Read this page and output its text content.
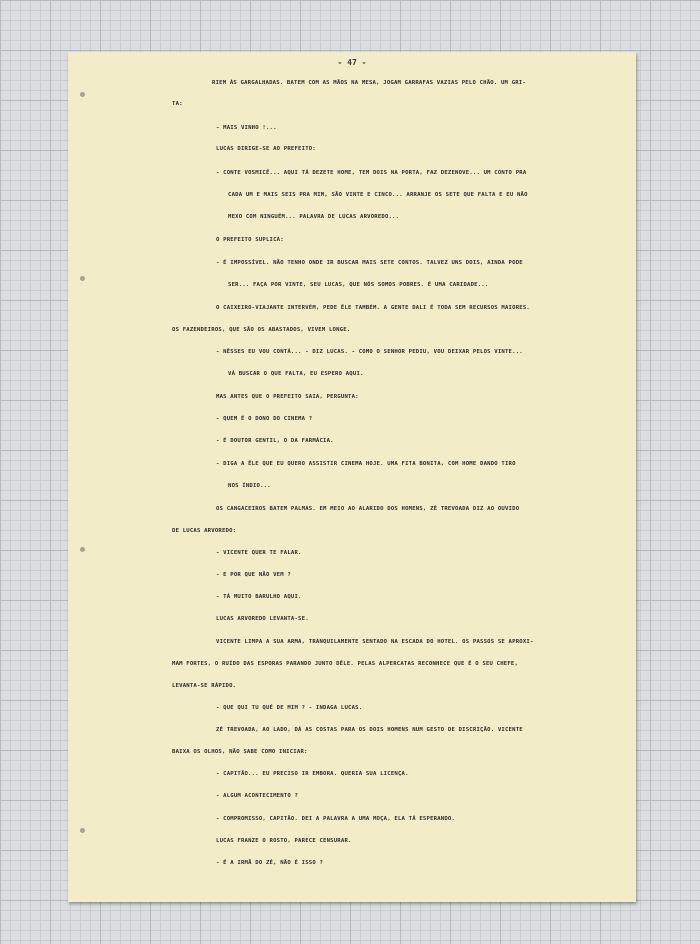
- 47 -
RIEM ÀS GARGALHADAS. BATEM COM AS MÃOS NA MESA, JOGAM GARRAFAS VAZIAS PELO CHÃO. UM GRI-
TA:
- MAIS VINHO !...
LUCAS DIRIGE-SE AO PREFEITO:
- CONTE VOSMICÊ... AQUI TÁ DEZETE HOME, TEM DOIS NA PORTA, FAZ DEZENOVE... UM CONTO PRA
CADA UM E MAIS SEIS PRA MIM, SÃO VINTE E CINCO... ARRANJE OS SETE QUE FALTA E EU NÃO
MEXO COM NINGUÉM... PALAVRA DE LUCAS ARVOREDO...
O PREFEITO SUPLICA:
- É IMPOSSÍVEL. NÃO TENHO ONDE IR BUSCAR MAIS SETE CONTOS. TALVEZ UNS DOIS, AINDA PODE
SER... FAÇA POR VINTE, SEU LUCAS, QUE NÓS SOMOS POBRES. É UMA CARIDADE...
O CAIXEIRO-VIAJANTE INTERVÉM, PEDE ÊLE TAMBÉM. A GENTE DALI É TODA SEM RECURSOS MAIORES.
OS FAZENDEIROS, QUE SÃO OS ABASTADOS, VIVEM LONGE.
- NÊSSES EU VOU CONTÁ... - DIZ LUCAS. - COMO O SENHOR PEDIU, VOU DEIXAR PELOS VINTE...
VÁ BUSCAR O QUE FALTA, EU ESPERO AQUI.
MAS ANTES QUE O PREFEITO SAIA, PERGUNTA:
- QUEM É O DONO DO CINEMA ?
- É DOUTOR GENTIL, O DA FARMÁCIA.
- DIGA A ÊLE QUE EU QUERO ASSISTIR CINEMA HOJE. UMA FITA BONITA, COM HOME DANDO TIRO
NOS ÍNDIO...
OS CANGACEIROS BATEM PALMAS. EM MEIO AO ALARIDO DOS HOMENS, ZÉ TREVOADA DIZ AO OUVIDO
DE LUCAS ARVOREDO:
- VICENTE QUER TE FALAR.
- E POR QUE NÃO VEM ?
- TÁ MUITO BARULHO AQUI.
LUCAS ARVOREDO LEVANTA-SE.
VICENTE LIMPA A SUA ARMA, TRANQUILAMENTE SENTADO NA ESCADA DO HOTEL. OS PASSOS SE APROXI-
MAM FORTES, O RUÍDO DAS ESPORAS PARANDO JUNTO DÊLE. PELAS ALPERCATAS RECONHECE QUE É O SEU CHEFE,
LEVANTA-SE RÁPIDO.
- QUE QUI TU QUÉ DE MIM ? - INDAGA LUCAS.
ZÉ TREVOADA, AO LADO, DÁ AS COSTAS PARA OS DOIS HOMENS NUM GESTO DE DISCRIÇÃO. VICENTE
BAIXA OS OLHOS, NÃO SABE COMO INICIAR:
- CAPITÃO... EU PRECISO IR EMBORA. QUERIA SUA LICENÇA.
- ALGUM ACONTECIMENTO ?
- COMPROMISSO, CAPITÃO. DEI A PALAVRA A UMA MOÇA, ELA TÁ ESPERANDO.
LUCAS FRANZE O ROSTO, PARECE CENSURAR.
- É A IRMÃ DO ZÉ, NÃO É ISSO ?
